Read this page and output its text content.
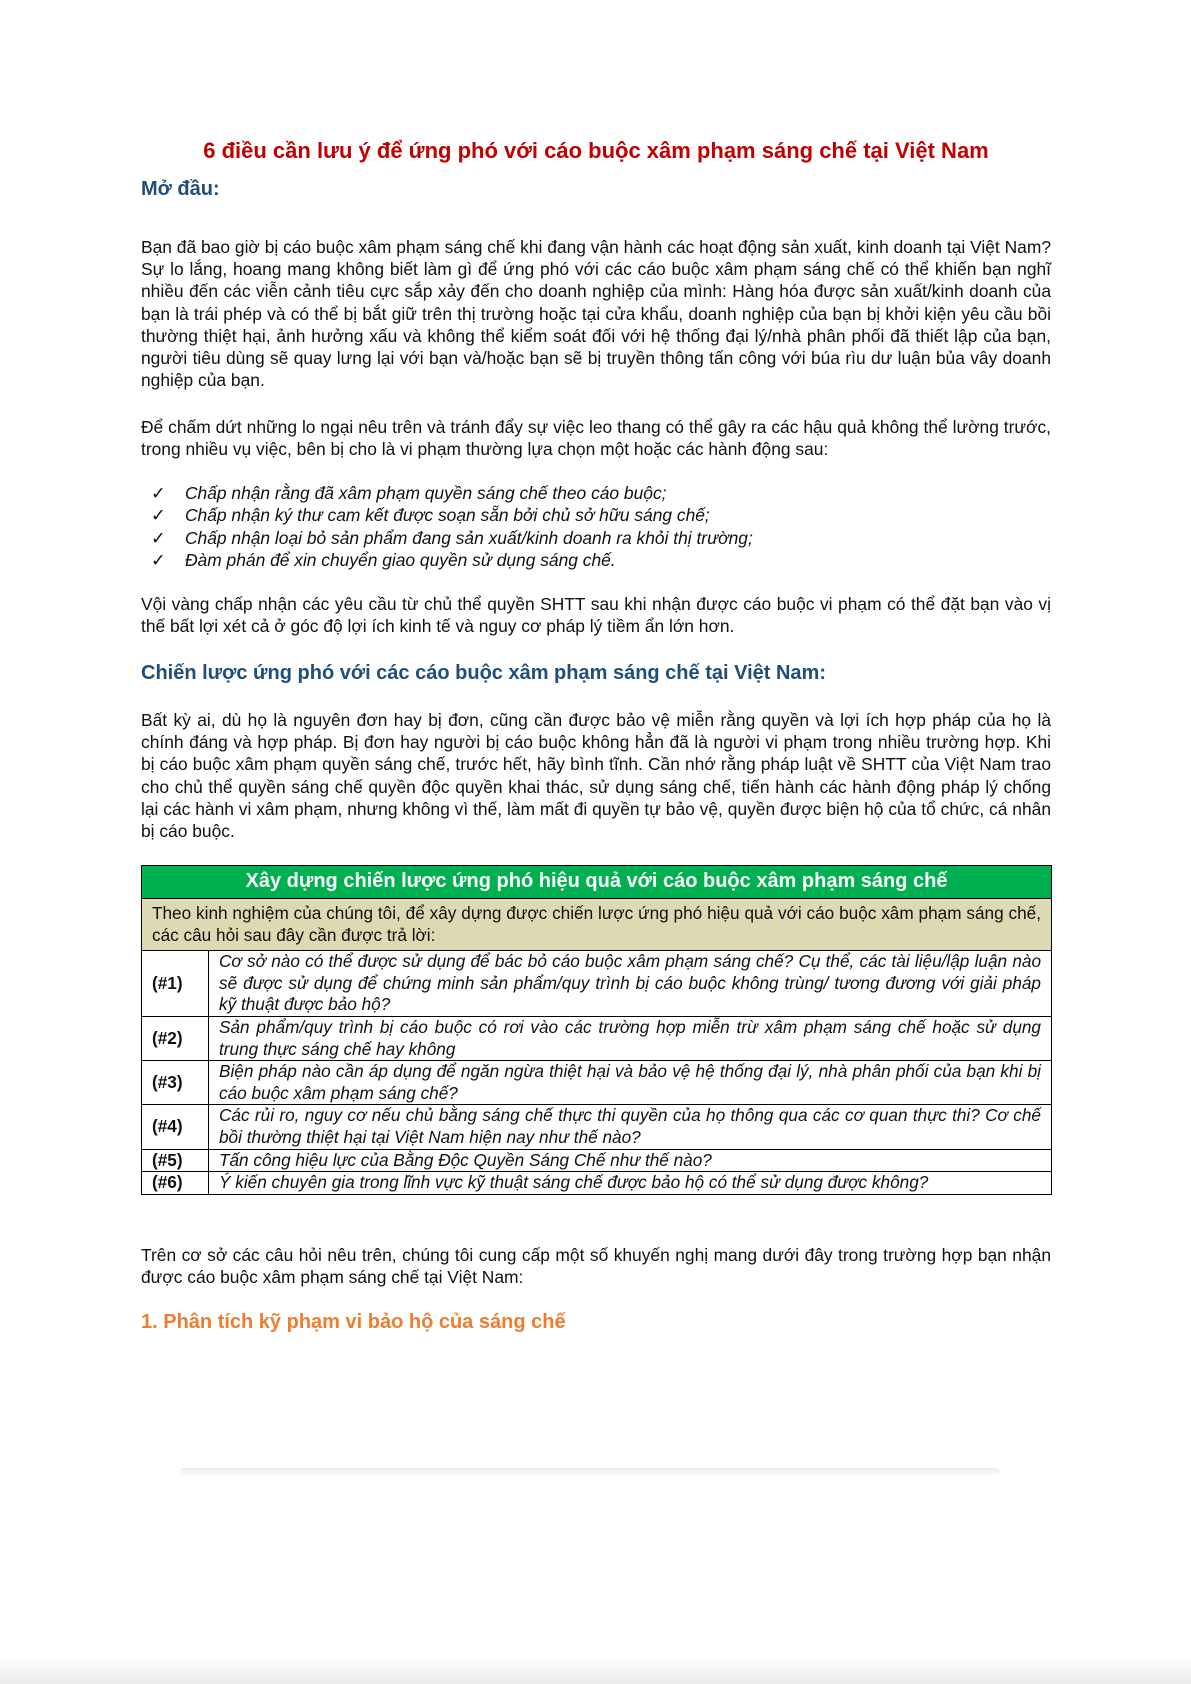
6 điều cần lưu ý để ứng phó với cáo buộc xâm phạm sáng chế tại Việt Nam
Mở đầu:
Bạn đã bao giờ bị cáo buộc xâm phạm sáng chế khi đang vận hành các hoạt động sản xuất, kinh doanh tại Việt Nam? Sự lo lắng, hoang mang không biết làm gì để ứng phó với các cáo buộc xâm phạm sáng chế có thể khiến bạn nghĩ nhiều đến các viễn cảnh tiêu cực sắp xảy đến cho doanh nghiệp của mình: Hàng hóa được sản xuất/kinh doanh của bạn là trái phép và có thể bị bắt giữ trên thị trường hoặc tại cửa khẩu, doanh nghiệp của bạn bị khởi kiện yêu cầu bồi thường thiệt hại, ảnh hưởng xấu và không thể kiểm soát đối với hệ thống đại lý/nhà phân phối đã thiết lập của bạn, người tiêu dùng sẽ quay lưng lại với bạn và/hoặc bạn sẽ bị truyền thông tấn công với búa rìu dư luận bủa vây doanh nghiệp của bạn.
Để chấm dứt những lo ngại nêu trên và tránh đẩy sự việc leo thang có thể gây ra các hậu quả không thể lường trước, trong nhiều vụ việc, bên bị cho là vi phạm thường lựa chọn một hoặc các hành động sau:
✓	Chấp nhận rằng đã xâm phạm quyền sáng chế theo cáo buộc;
✓	Chấp nhận ký thư cam kết được soạn sẵn bởi chủ sở hữu sáng chế;
✓	Chấp nhận loại bỏ sản phẩm đang sản xuất/kinh doanh ra khỏi thị trường;
✓	Đàm phán để xin chuyển giao quyền sử dụng sáng chế.
Vội vàng chấp nhận các yêu cầu từ chủ thể quyền SHTT sau khi nhận được cáo buộc vi phạm có thể đặt bạn vào vị thế bất lợi xét cả ở góc độ lợi ích kinh tế và nguy cơ pháp lý tiềm ẩn lớn hơn.
Chiến lược ứng phó với các cáo buộc xâm phạm sáng chế tại Việt Nam:
Bất kỳ ai, dù họ là nguyên đơn hay bị đơn, cũng cần được bảo vệ miễn rằng quyền và lợi ích hợp pháp của họ là chính đáng và hợp pháp. Bị đơn hay người bị cáo buộc không hẳn đã là người vi phạm trong nhiều trường hợp. Khi bị cáo buộc xâm phạm quyền sáng chế, trước hết, hãy bình tĩnh. Cần nhớ rằng pháp luật về SHTT của Việt Nam trao cho chủ thể quyền sáng chế quyền độc quyền khai thác, sử dụng sáng chế, tiến hành các hành động pháp lý chống lại các hành vi xâm phạm, nhưng không vì thế, làm mất đi quyền tự bảo vệ, quyền được biện hộ của tổ chức, cá nhân bị cáo buộc.
Xây dựng chiến lược ứng phó hiệu quả với cáo buộc xâm phạm sáng chế	
Theo kinh nghiệm của chúng tôi, để xây dựng được chiến lược ứng phó hiệu quả với cáo buộc xâm phạm sáng chế, các câu hỏi sau đây cần được trả lời:	
(#1)	Cơ sở nào có thể được sử dụng để bác bỏ cáo buộc xâm phạm sáng chế? Cụ thể, các tài liệu/lập luận nào sẽ được sử dụng để chứng minh sản phẩm/quy trình bị cáo buộc không trùng/ tương đương với giải pháp kỹ thuật được bảo hộ?
(#2)	Sản phẩm/quy trình bị cáo buộc có rơi vào các trường hợp miễn trừ xâm phạm sáng chế hoặc sử dụng trung thực sáng chế hay không
(#3)	Biện pháp nào cần áp dụng để ngăn ngừa thiệt hại và bảo vệ hệ thống đại lý, nhà phân phối của bạn khi bị cáo buộc xâm phạm sáng chế?
(#4)	Các rủi ro, nguy cơ nếu chủ bằng sáng chế thực thi quyền của họ thông qua các cơ quan thực thi? Cơ chế bồi thường thiệt hại tại Việt Nam hiện nay như thế nào?
(#5)	Tấn công hiệu lực của Bằng Độc Quyền Sáng Chế như thế nào?
(#6)	Ý kiến chuyên gia trong lĩnh vực kỹ thuật sáng chế được bảo hộ có thể sử dụng được không?
Trên cơ sở các câu hỏi nêu trên, chúng tôi cung cấp một số khuyến nghị mang dưới đây trong trường hợp bạn nhận được cáo buộc xâm phạm sáng chế tại Việt Nam:
1. Phân tích kỹ phạm vi bảo hộ của sáng chế
